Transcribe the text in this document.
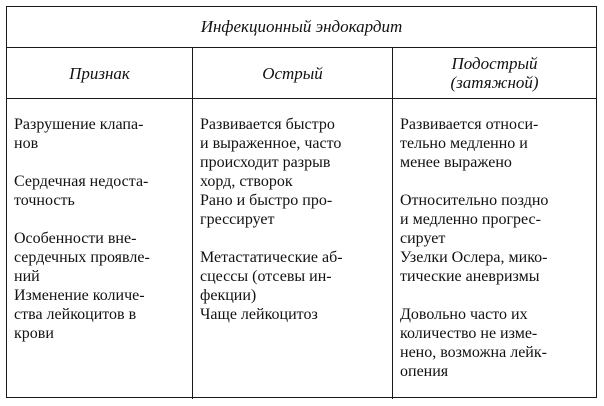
Инфекционный эндокардит
Признак	Острый	Подострый
(затяжной)
Разрушение клапа-
нов
Сердечная недоста-
точность
Особенности вне-
сердечных проявле-
ний
Изменение количе-
ства лейкоцитов в
крови
Развивается быстро
и выраженное, часто
происходит разрыв
хорд, створок
Рано и быстро про-
грессирует
Метастатические аб-
сцессы (отсевы ин-
фекции)
Чаще лейкоцитоз
Развивается относи-
тельно медленно и
менее выражено
Относительно поздно
и медленно прогрес-
сирует
Узелки Ослера, мико-
тические аневризмы
Довольно часто их
количество не изме-
нено, возможна лейк-
опения
